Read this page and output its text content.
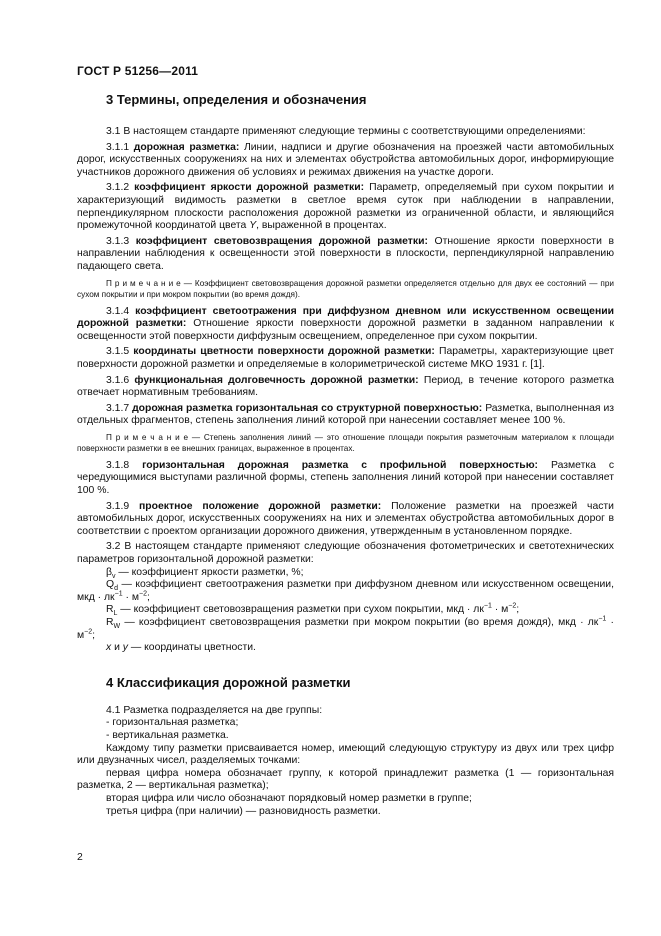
ГОСТ Р 51256—2011
3 Термины, определения и обозначения

3.1 В настоящем стандарте применяют следующие термины с соответствующими определениями:

3.1.1 дорожная разметка: Линии, надписи и другие обозначения на проезжей части автомобильных дорог, искусственных сооружениях на них и элементах обустройства автомобильных дорог, информирующие участников дорожного движения об условиях и режимах движения на участке дороги.

3.1.2 коэффициент яркости дорожной разметки: Параметр, определяемый при сухом покрытии и характеризующий видимость разметки в светлое время суток при наблюдении в направлении, перпендикулярном плоскости расположения дорожной разметки из ограниченной области, и являющийся промежуточной координатой цвета Y, выраженной в процентах.

3.1.3 коэффициент световозвращения дорожной разметки: Отношение яркости поверхности в направлении наблюдения к освещенности этой поверхности в плоскости, перпендикулярной направлению падающего света.

П р и м е ч а н и е — Коэффициент световозвращения дорожной разметки определяется отдельно для двух ее состояний — при сухом покрытии и при мокром покрытии (во время дождя).

3.1.4 коэффициент светоотражения при диффузном дневном или искусственном освещении дорожной разметки: Отношение яркости поверхности дорожной разметки в заданном направлении к освещенности этой поверхности диффузным освещением, определенное при сухом покрытии.

3.1.5 координаты цветности поверхности дорожной разметки: Параметры, характеризующие цвет поверхности дорожной разметки и определяемые в колориметрической системе МКО 1931 г. [1].

3.1.6 функциональная долговечность дорожной разметки: Период, в течение которого разметка отвечает нормативным требованиям.

3.1.7 дорожная разметка горизонтальная со структурной поверхностью: Разметка, выполненная из отдельных фрагментов, степень заполнения линий которой при нанесении составляет менее 100 %.

П р и м е ч а н и е — Степень заполнения линий — это отношение площади покрытия разметочным материалом к площади поверхности разметки в ее внешних границах, выраженное в процентах.

3.1.8 горизонтальная дорожная разметка с профильной поверхностью: Разметка с чередующимися выступами различной формы, степень заполнения линий которой при нанесении составляет 100 %.

3.1.9 проектное положение дорожной разметки: Положение разметки на проезжей части автомобильных дорог, искусственных сооружениях на них и элементах обустройства автомобильных дорог в соответствии с проектом организации дорожного движения, утвержденным в установленном порядке.

3.2 В настоящем стандарте применяют следующие обозначения фотометрических и светотехнических параметров горизонтальной дорожной разметки:

$\beta_v$ — коэффициент яркости разметки, %;

$Q_d$ — коэффициент светоотражения разметки при диффузном дневном или искусственном освещении, мкд · $лк^{-1} \cdot м^{-2}$;

$R_L$ — коэффициент световозвращения разметки при сухом покрытии, мкд · $лк^{-1} \cdot м^{-2}$;

$R_W$ — коэффициент световозвращения разметки при мокром покрытии (во время дождя), мкд · $лк^{-1} \cdot м^{-2}$;

x и y — координаты цветности.

4 Классификация дорожной разметки

4.1 Разметка подразделяется на две группы:

- горизонтальная разметка;

- вертикальная разметка.

Каждому типу разметки присваивается номер, имеющий следующую структуру из двух или трех цифр или двузначных чисел, разделяемых точками:

первая цифра номера обозначает группу, к которой принадлежит разметка (1 — горизонтальная разметка, 2 — вертикальная разметка);

вторая цифра или число обозначают порядковый номер разметки в группе;

третья цифра (при наличии) — разновидность разметки.

2
